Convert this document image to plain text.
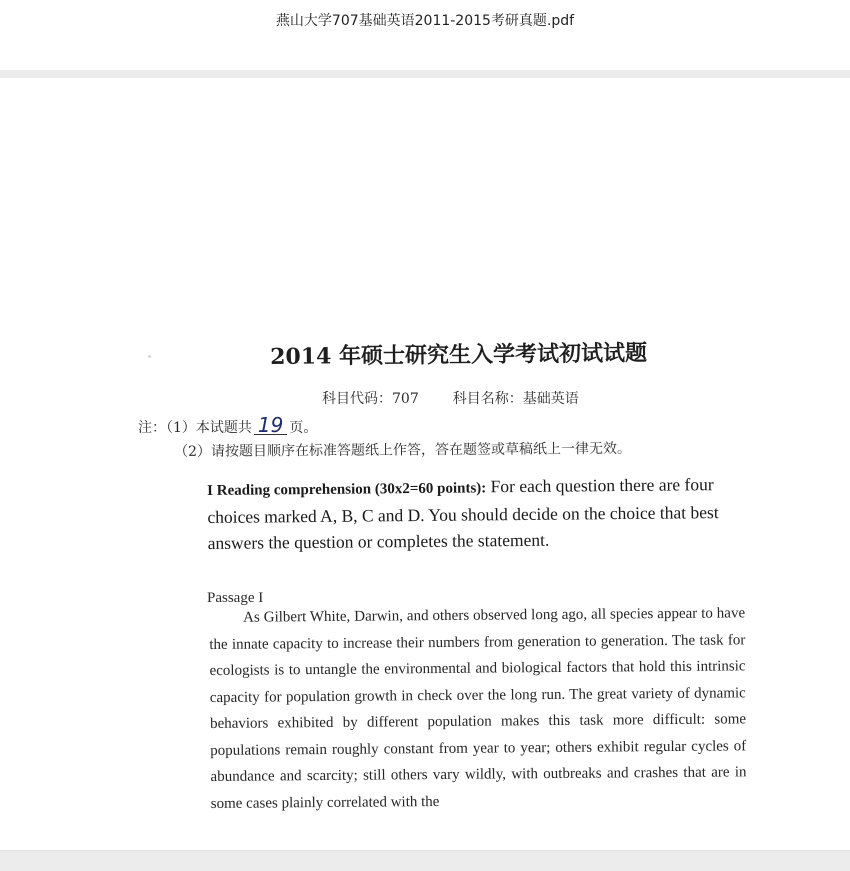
燕山大学707基础英语2011-2015考研真题.pdf
2014 年硕士研究生入学考试初试试题
科目代码：707 科目名称：基础英语
注：（1）本试题共 19 页。
（2）请按题目顺序在标准答题纸上作答，答在题签或草稿纸上一律无效。
I Reading comprehension (30x2=60 points): For each question there are four choices marked A, B, C and D. You should decide on the choice that best answers the question or completes the statement.
Passage I
As Gilbert White, Darwin, and others observed long ago, all species appear to have the innate capacity to increase their numbers from generation to generation. The task for ecologists is to untangle the environmental and biological factors that hold this intrinsic capacity for population growth in check over the long run. The great variety of dynamic behaviors exhibited by different population makes this task more difficult: some populations remain roughly constant from year to year; others exhibit regular cycles of abundance and scarcity; still others vary wildly, with outbreaks and crashes that are in some cases plainly correlated with the
